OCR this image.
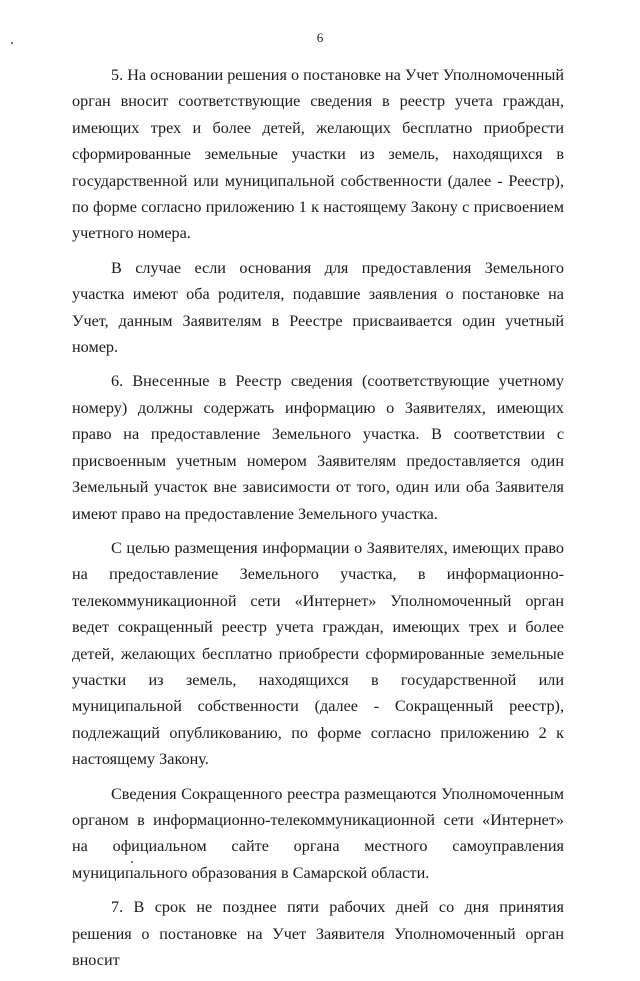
6

5. На основании решения о постановке на Учет Уполномоченный орган вносит соответствующие сведения в реестр учета граждан, имеющих трех и более детей, желающих бесплатно приобрести сформированные земельные участки из земель, находящихся в государственной или муниципальной собственности (далее - Реестр), по форме согласно приложению 1 к настоящему Закону с присвоением учетного номера.

В случае если основания для предоставления Земельного участка имеют оба родителя, подавшие заявления о постановке на Учет, данным Заявителям в Реестре присваивается один учетный номер.

6. Внесенные в Реестр сведения (соответствующие учетному номеру) должны содержать информацию о Заявителях, имеющих право на предоставление Земельного участка. В соответствии с присвоенным учетным номером Заявителям предоставляется один Земельный участок вне зависимости от того, один или оба Заявителя имеют право на предоставление Земельного участка.

С целью размещения информации о Заявителях, имеющих право на предоставление Земельного участка, в информационно-телекоммуникационной сети «Интернет» Уполномоченный орган ведет сокращенный реестр учета граждан, имеющих трех и более детей, желающих бесплатно приобрести сформированные земельные участки из земель, находящихся в государственной или муниципальной собственности (далее - Сокращенный реестр), подлежащий опубликованию, по форме согласно приложению 2 к настоящему Закону.

Сведения Сокращенного реестра размещаются Уполномоченным органом в информационно-телекоммуникационной сети «Интернет» на официальном сайте органа местного самоуправления муниципального образования в Самарской области.

7. В срок не позднее пяти рабочих дней со дня принятия решения о постановке на Учет Заявителя Уполномоченный орган вносит
